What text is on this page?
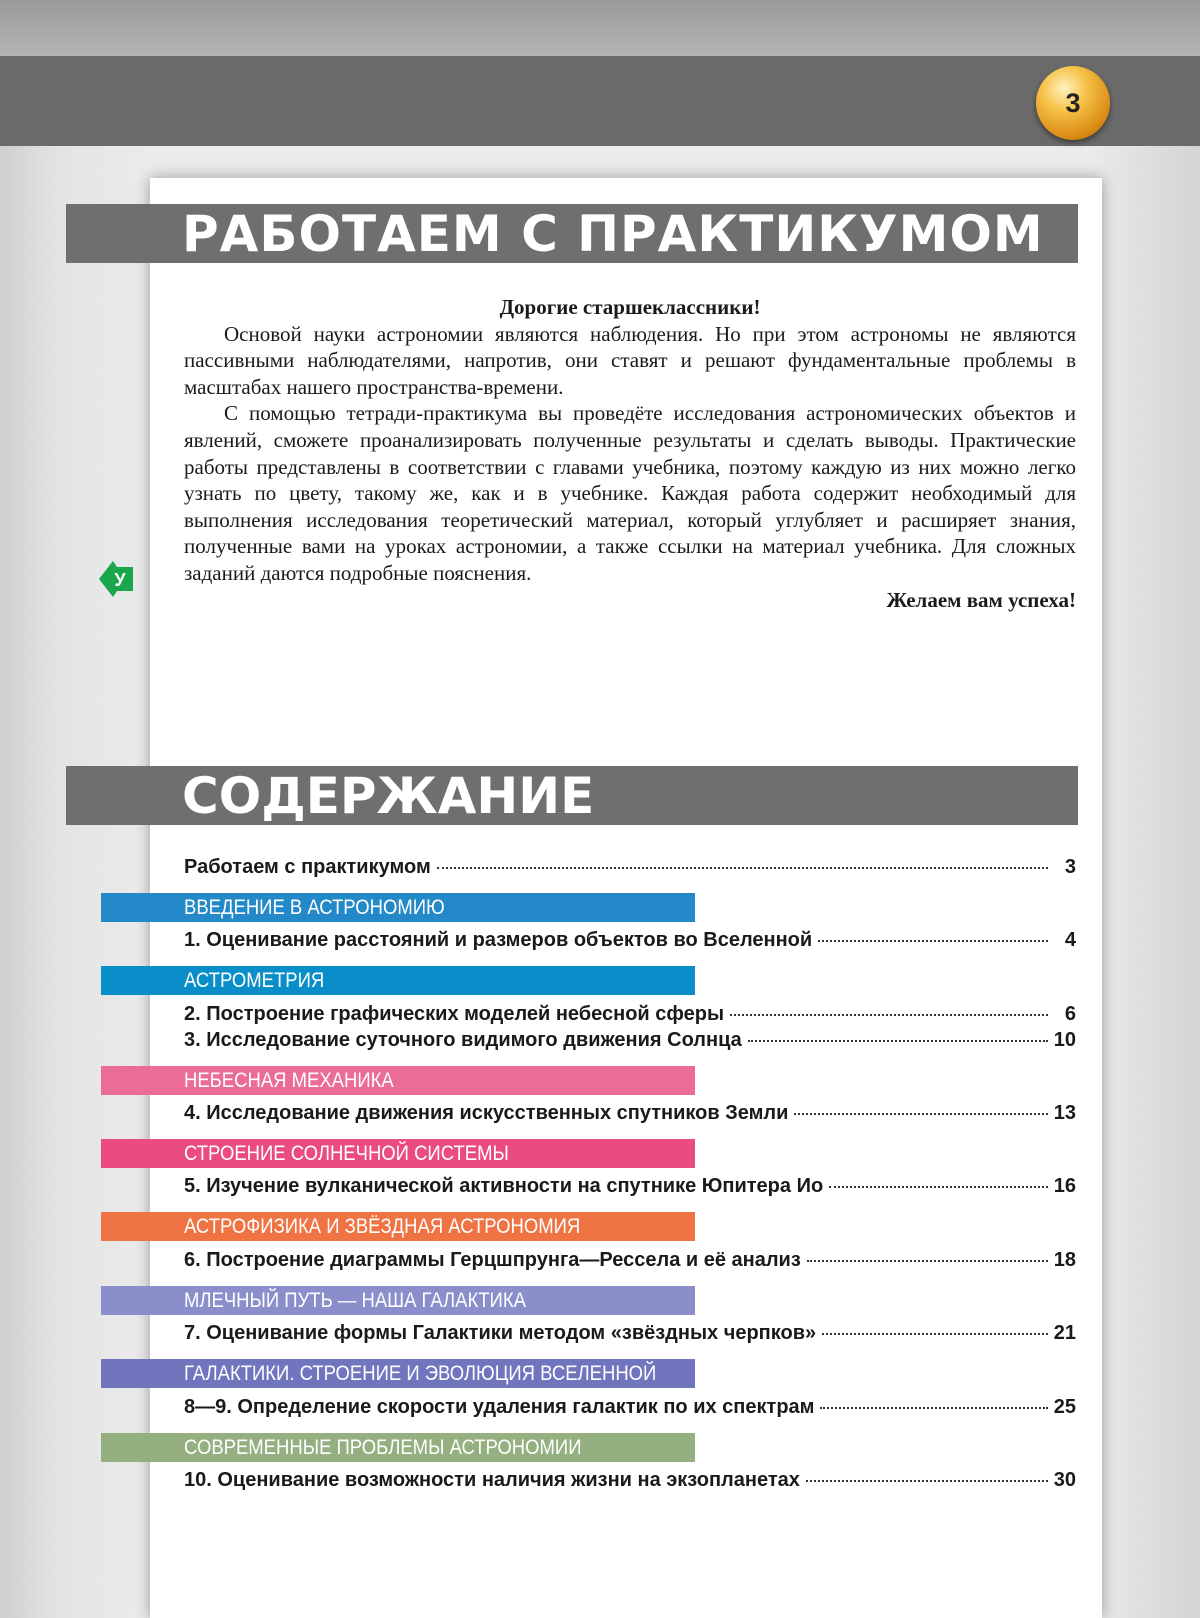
3
РАБОТАЕМ С ПРАКТИКУМОМ

Дорогие старшеклассники!

Основой науки астрономии являются наблюдения. Но при этом астрономы не являются пассивными наблюдателями, напротив, они ставят и решают фундаментальные проблемы в масштабах нашего пространства-времени.

С помощью тетради-практикума вы проведёте исследования астрономических объектов и явлений, сможете проанализировать полученные результаты и сделать выводы. Практические работы представлены в соответствии с главами учебника, поэтому каждую из них можно легко узнать по цвету, такому же, как и в учебнике. Каждая работа содержит необходимый для выполнения исследования теоретический материал, который углубляет и расширяет знания, полученные вами на уроках астрономии, а также ссылки на материал учебника. Для сложных заданий даются подробные пояснения.

Желаем вам успеха!

У
СОДЕРЖАНИЕ
Работаем с практикумом	3
ВВЕДЕНИЕ В АСТРОНОМИЮ
1. Оценивание расстояний и размеров объектов во Вселенной	4
АСТРОМЕТРИЯ
2. Построение графических моделей небесной сферы	6
3. Исследование суточного видимого движения Солнца	10
НЕБЕСНАЯ МЕХАНИКА
4. Исследование движения искусственных спутников Земли	13
СТРОЕНИЕ СОЛНЕЧНОЙ СИСТЕМЫ
5. Изучение вулканической активности на спутнике Юпитера Ио	16
АСТРОФИЗИКА И ЗВЁЗДНАЯ АСТРОНОМИЯ
6. Построение диаграммы Герцшпрунга—Рессела и её анализ	18
МЛЕЧНЫЙ ПУТЬ — НАША ГАЛАКТИКА
7. Оценивание формы Галактики методом «звёздных черпков»	21
ГАЛАКТИКИ. СТРОЕНИЕ И ЭВОЛЮЦИЯ ВСЕЛЕННОЙ
8—9. Определение скорости удаления галактик по их спектрам	25
СОВРЕМЕННЫЕ ПРОБЛЕМЫ АСТРОНОМИИ
10. Оценивание возможности наличия жизни на экзопланетах	30
